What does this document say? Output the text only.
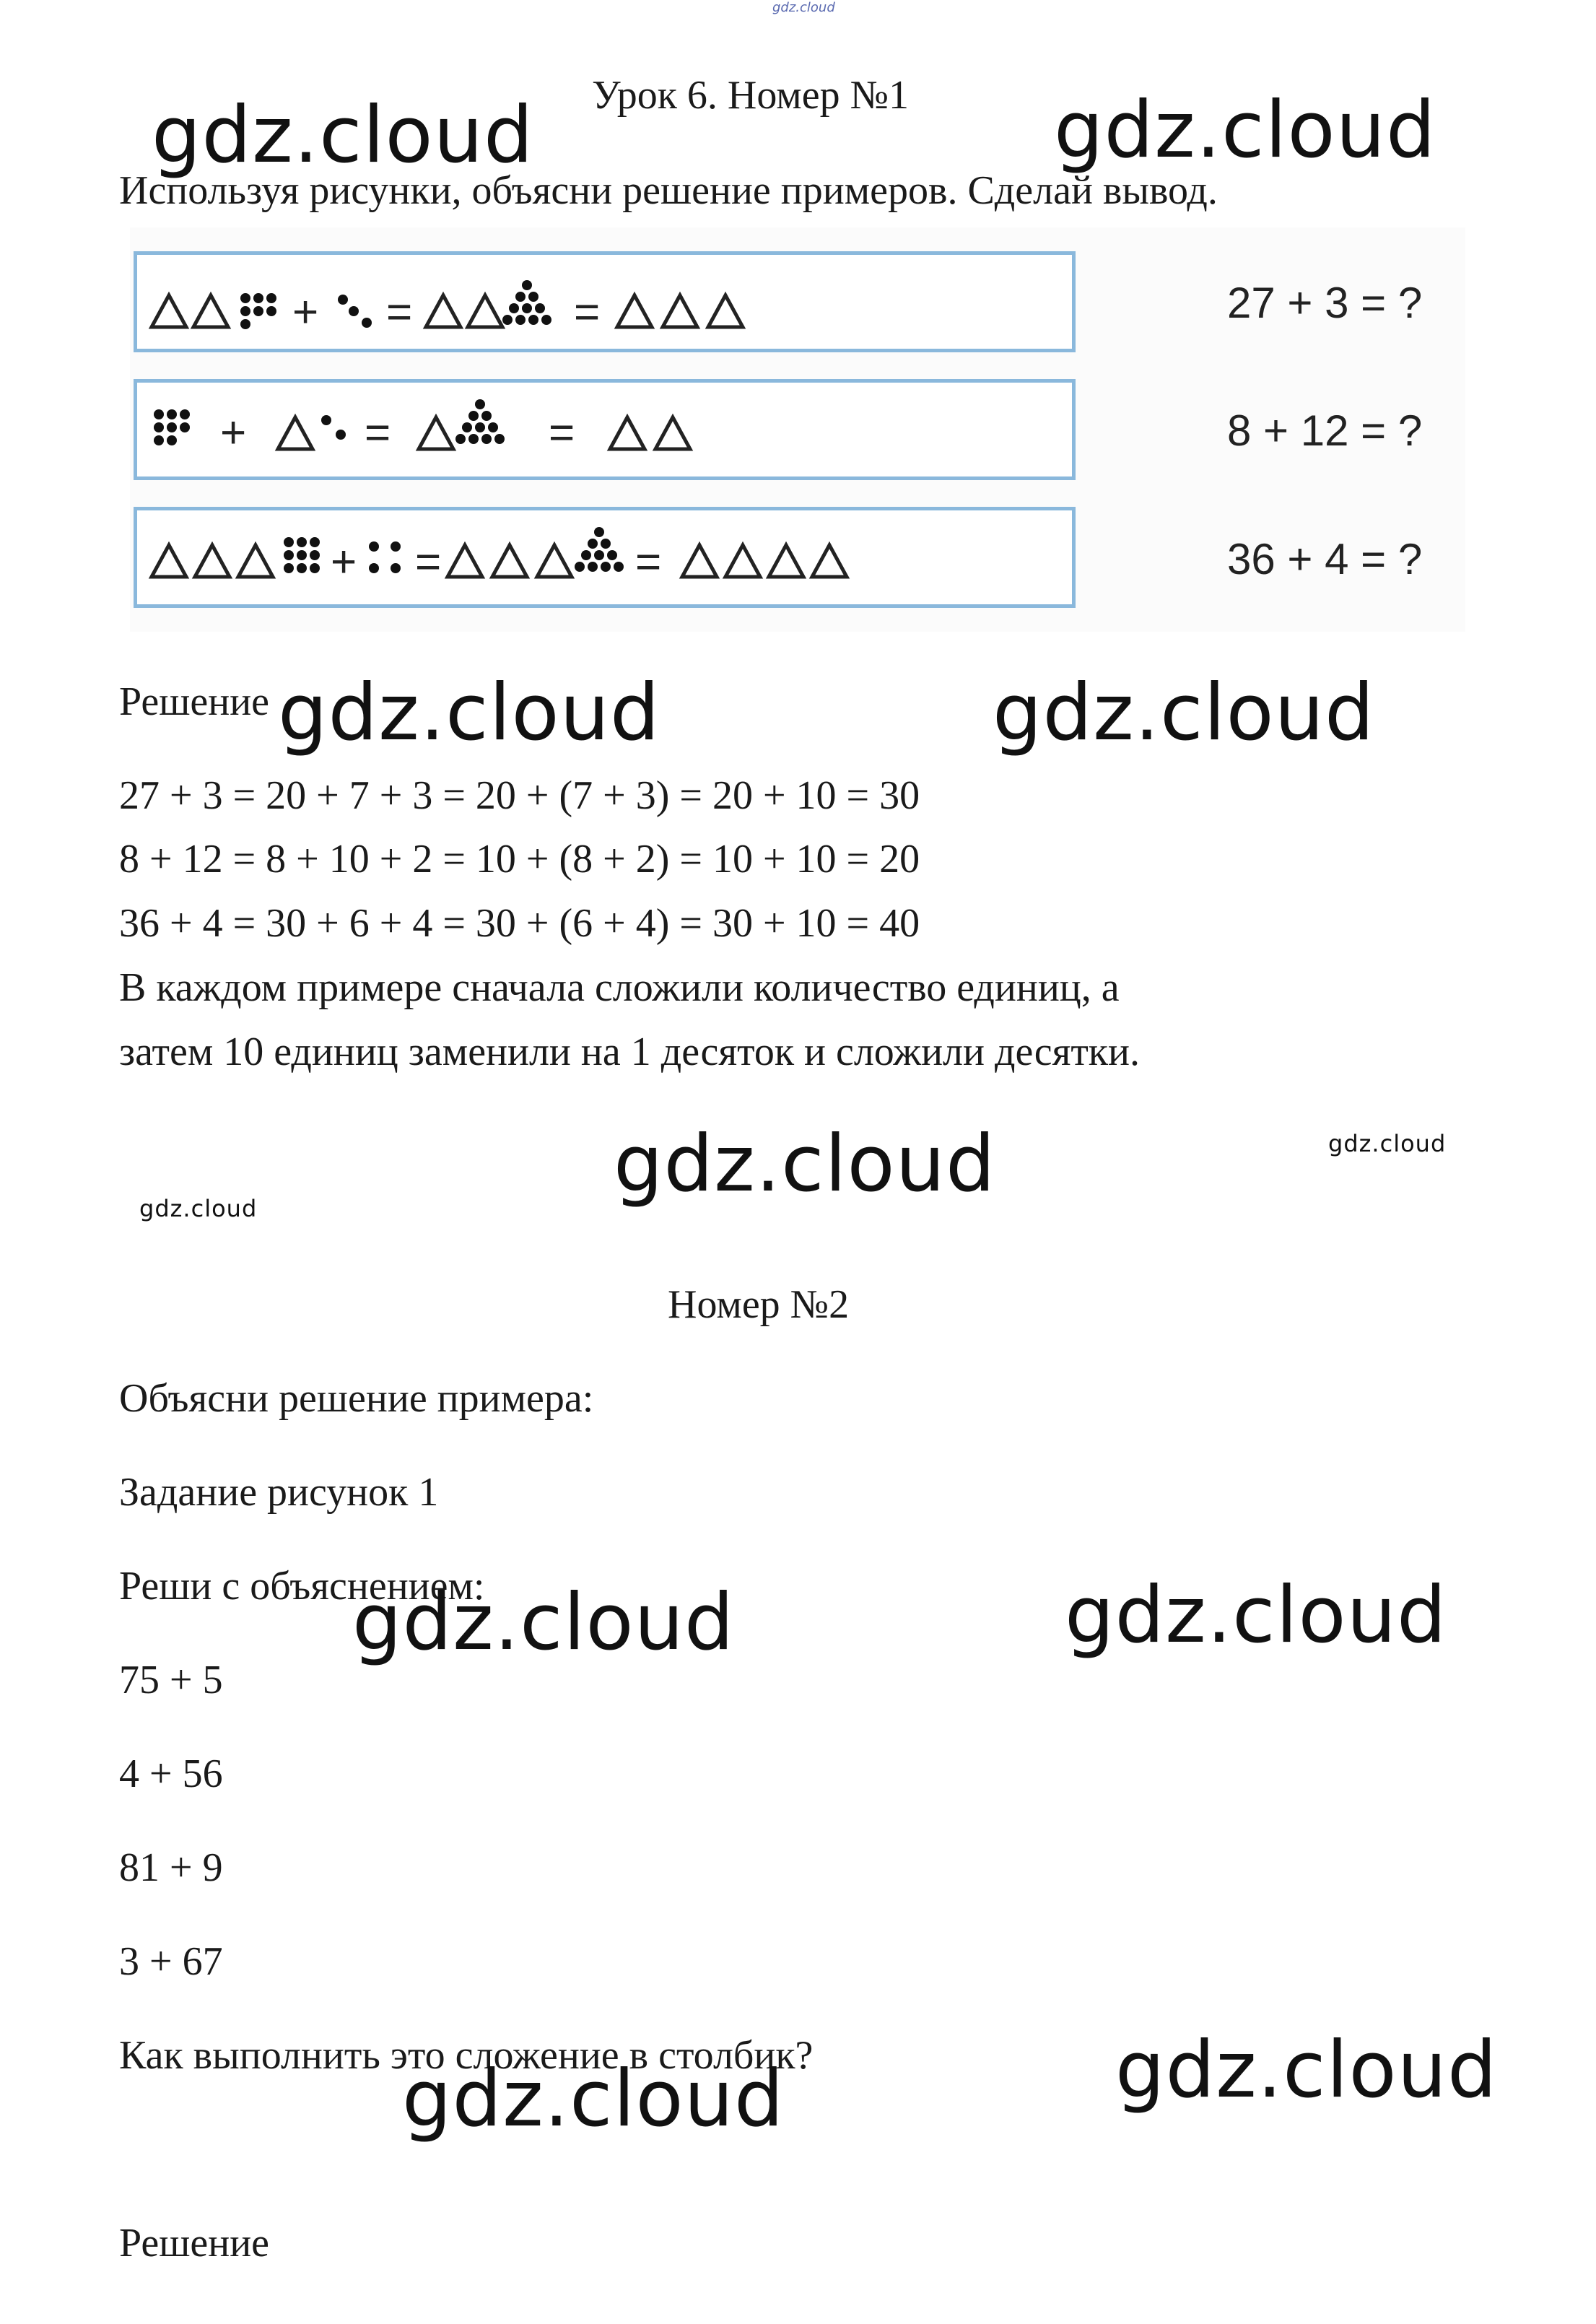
gdz.cloud
Урок 6. Номер №1
Используя рисунки, объясни решение примеров. Сделай вывод.
+ =	=	27 + 3 = ?
+	=	=	8 + 12 = ?
+ =	=	36 + 4 = ?
Решение
27 + 3 = 20 + 7 + 3 = 20 + (7 + 3) = 20 + 10 = 30
8 + 12 = 8 + 10 + 2 = 10 + (8 + 2) = 10 + 10 = 20
36 + 4 = 30 + 6 + 4 = 30 + (6 + 4) = 30 + 10 = 40
В каждом примере сначала сложили количество единиц, а
затем 10 единиц заменили на 1 десяток и сложили десятки.
Номер №2
Объясни решение примера:
Задание рисунок 1
Реши с объяснением:
75 + 5
4 + 56
81 + 9
3 + 67
Как выполнить это сложение в столбик?
Решение
gdz.cloud	gdz.cloud
gdz.cloud	gdz.cloud
gdz.cloud	gdz.cloud
gdz.cloud
gdz.cloud	gdz.cloud
gdz.cloud	gdz.cloud
